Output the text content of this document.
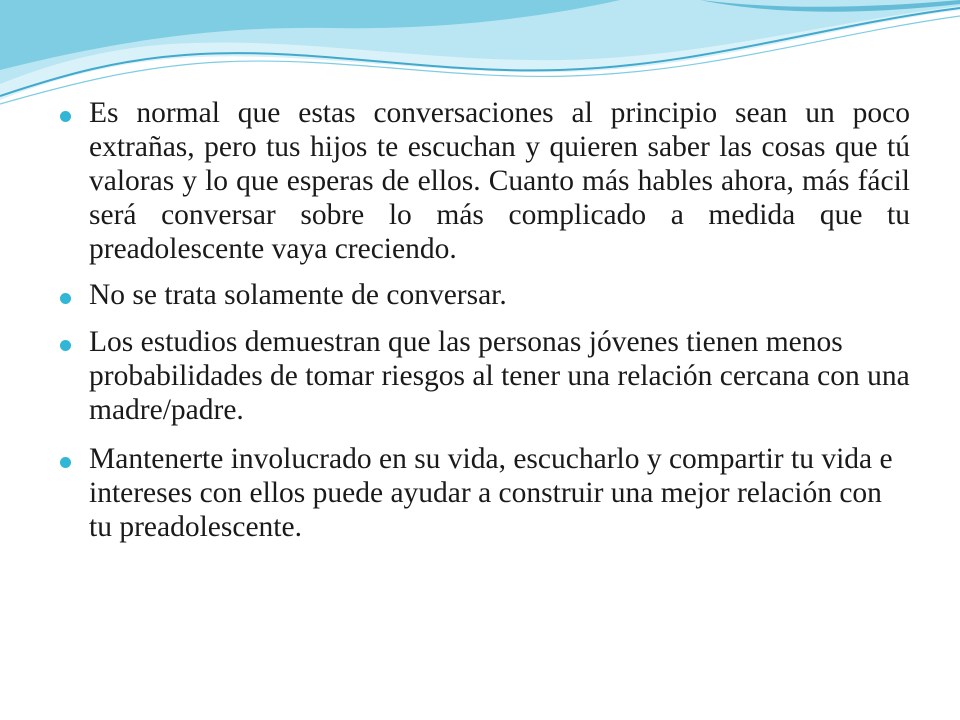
Es normal que estas conversaciones al principio sean un poco extrañas, pero tus hijos te escuchan y quieren saber las cosas que tú valoras y lo que esperas de ellos. Cuanto más hables ahora, más fácil será conversar sobre lo más complicado a medida que tu preadolescente vaya creciendo.
No se trata solamente de conversar.
Los estudios demuestran que las personas jóvenes tienen menos probabilidades de tomar riesgos al tener una relación cercana con una madre/padre.
Mantenerte involucrado en su vida, escucharlo y compartir tu vida e intereses con ellos puede ayudar a construir una mejor relación con tu preadolescente.
